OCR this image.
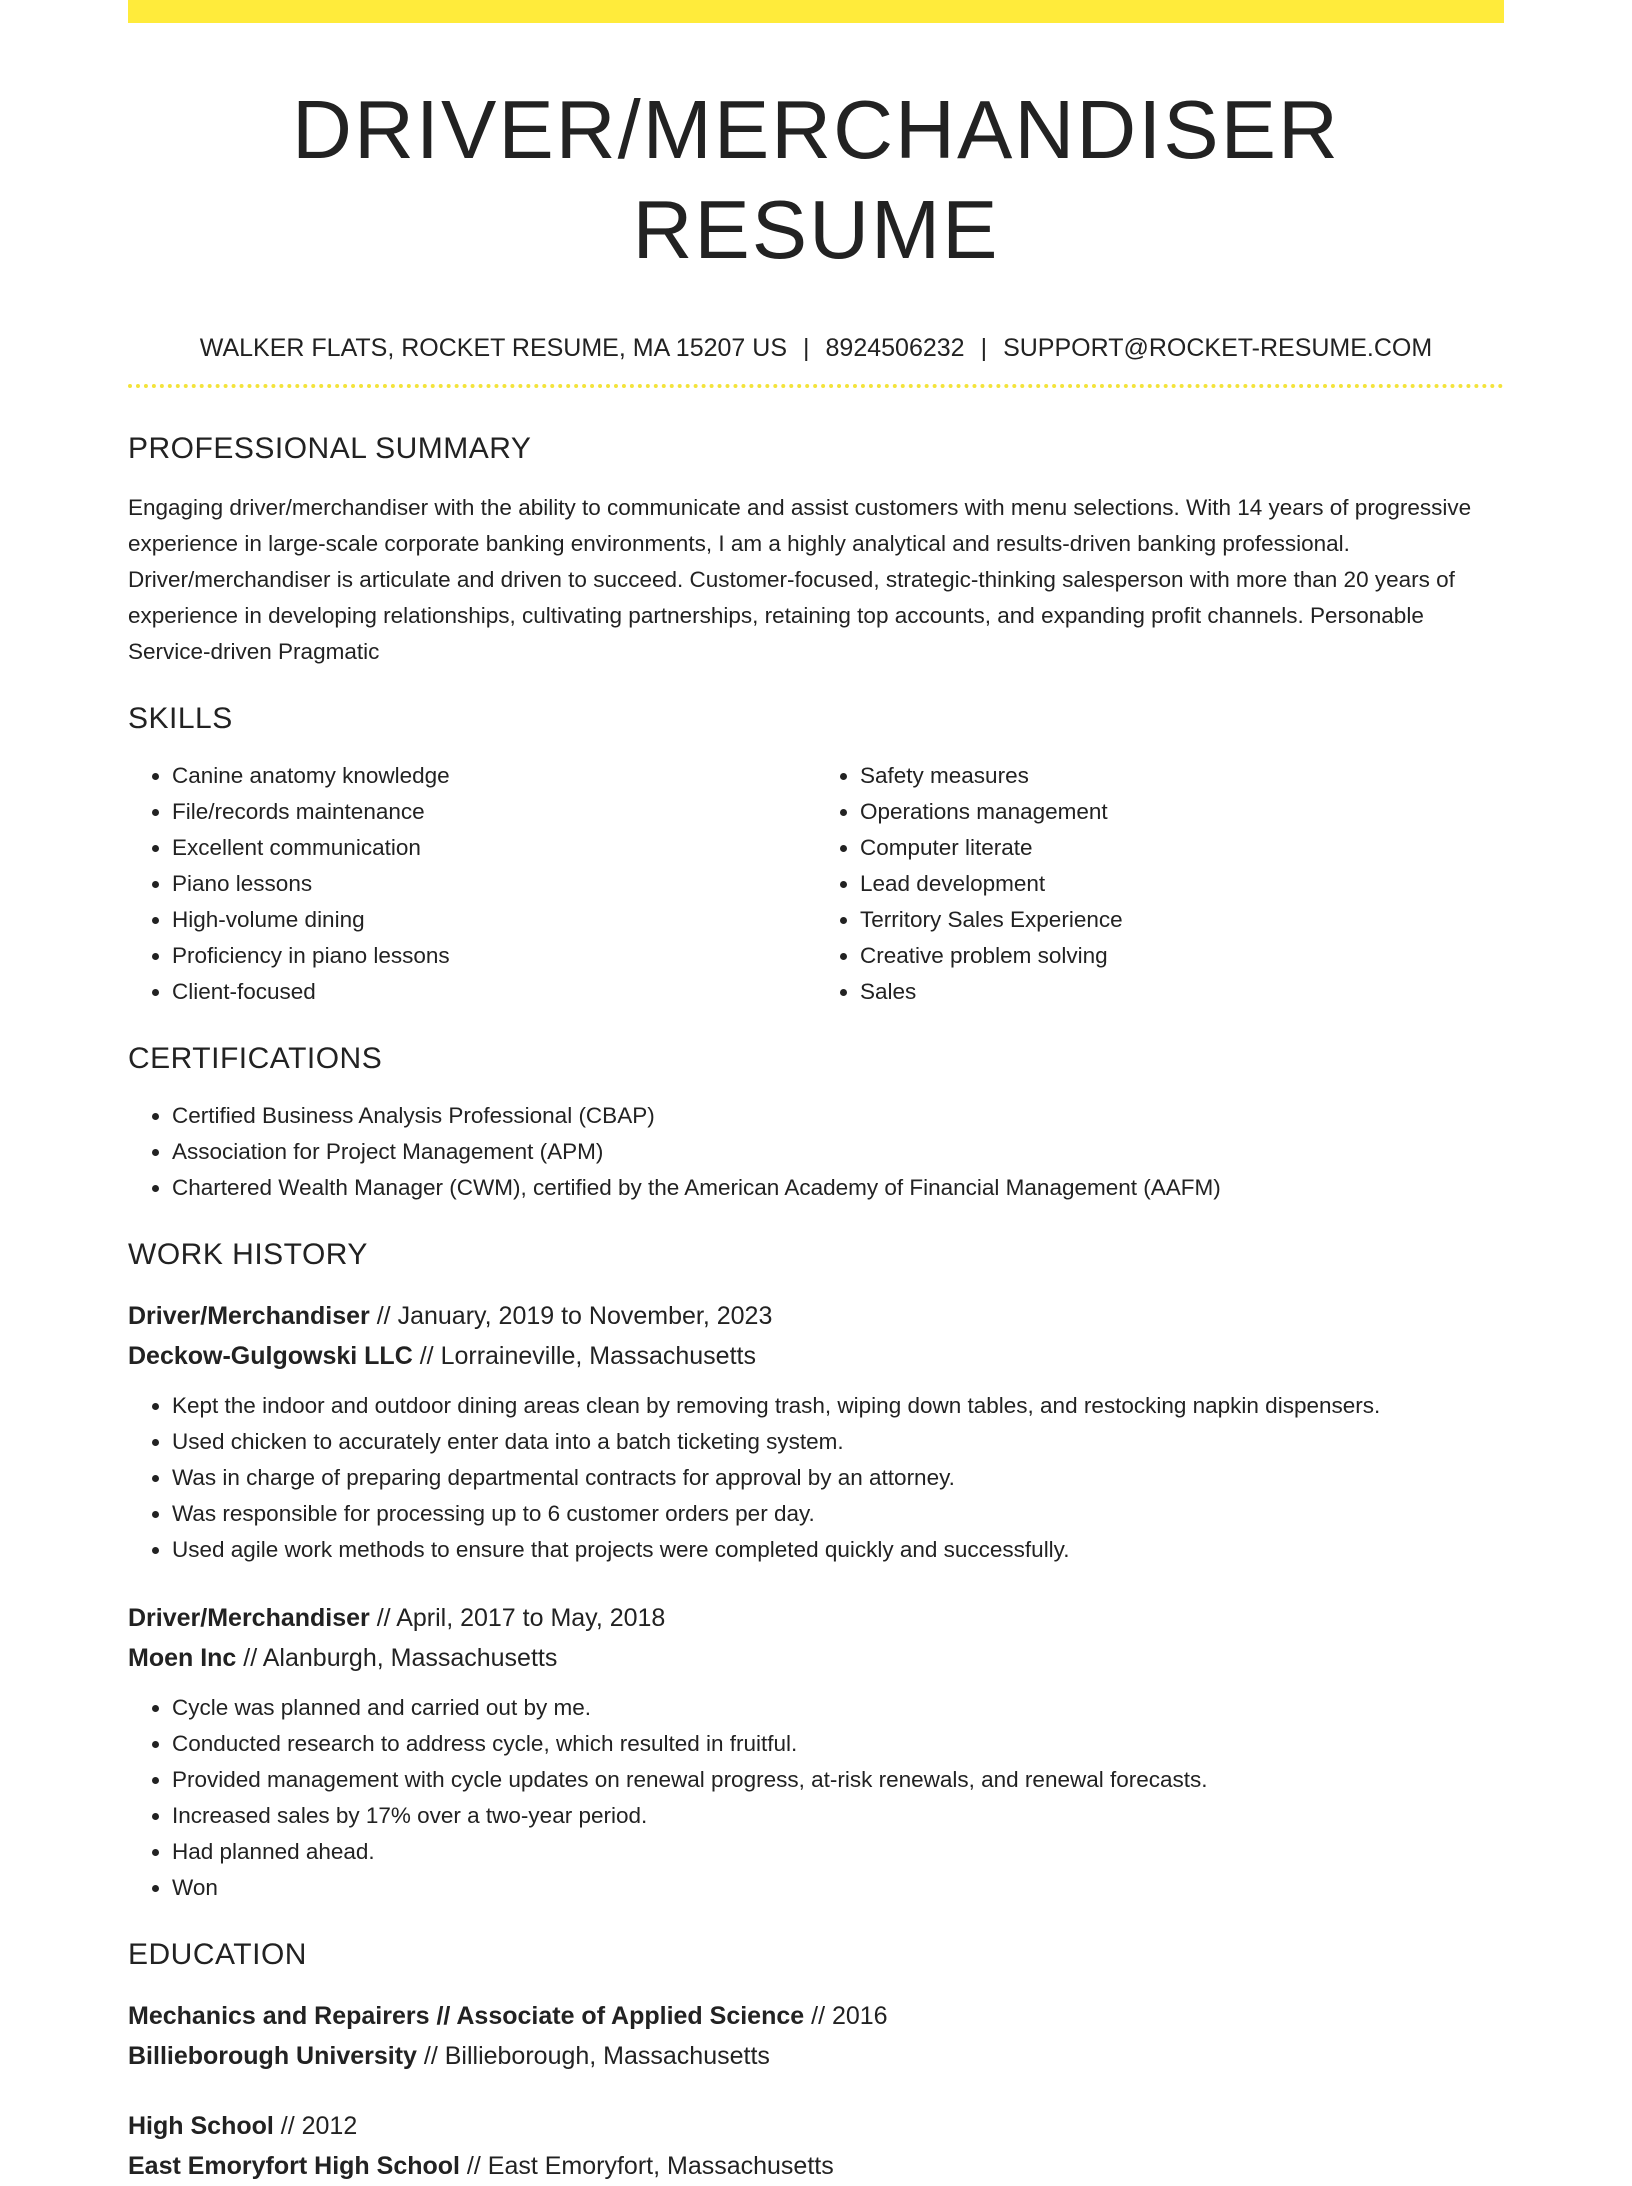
DRIVER/MERCHANDISER RESUME
WALKER FLATS, ROCKET RESUME, MA 15207 US | 8924506232 | SUPPORT@ROCKET-RESUME.COM
PROFESSIONAL SUMMARY

Engaging driver/merchandiser with the ability to communicate and assist customers with menu selections. With 14 years of progressive experience in large-scale corporate banking environments, I am a highly analytical and results-driven banking professional. Driver/merchandiser is articulate and driven to succeed. Customer-focused, strategic-thinking salesperson with more than 20 years of experience in developing relationships, cultivating partnerships, retaining top accounts, and expanding profit channels. Personable Service-driven Pragmatic

SKILLS
• Canine anatomy knowledge
• File/records maintenance
• Excellent communication
• Piano lessons
• High-volume dining
• Proficiency in piano lessons
• Client-focused
• Safety measures
• Operations management
• Computer literate
• Lead development
• Territory Sales Experience
• Creative problem solving
• Sales
CERTIFICATIONS
• Certified Business Analysis Professional (CBAP)
• Association for Project Management (APM)
• Chartered Wealth Manager (CWM), certified by the American Academy of Financial Management (AAFM)
WORK HISTORY
Driver/Merchandiser // January, 2019 to November, 2023
Deckow-Gulgowski LLC // Lorraineville, Massachusetts
• Kept the indoor and outdoor dining areas clean by removing trash, wiping down tables, and restocking napkin dispensers.
• Used chicken to accurately enter data into a batch ticketing system.
• Was in charge of preparing departmental contracts for approval by an attorney.
• Was responsible for processing up to 6 customer orders per day.
• Used agile work methods to ensure that projects were completed quickly and successfully.
Driver/Merchandiser // April, 2017 to May, 2018
Moen Inc // Alanburgh, Massachusetts
• Cycle was planned and carried out by me.
• Conducted research to address cycle, which resulted in fruitful.
• Provided management with cycle updates on renewal progress, at-risk renewals, and renewal forecasts.
• Increased sales by 17% over a two-year period.
• Had planned ahead.
• Won
EDUCATION
Mechanics and Repairers // Associate of Applied Science // 2016
Billieborough University // Billieborough, Massachusetts
High School // 2012
East Emoryfort High School // East Emoryfort, Massachusetts
